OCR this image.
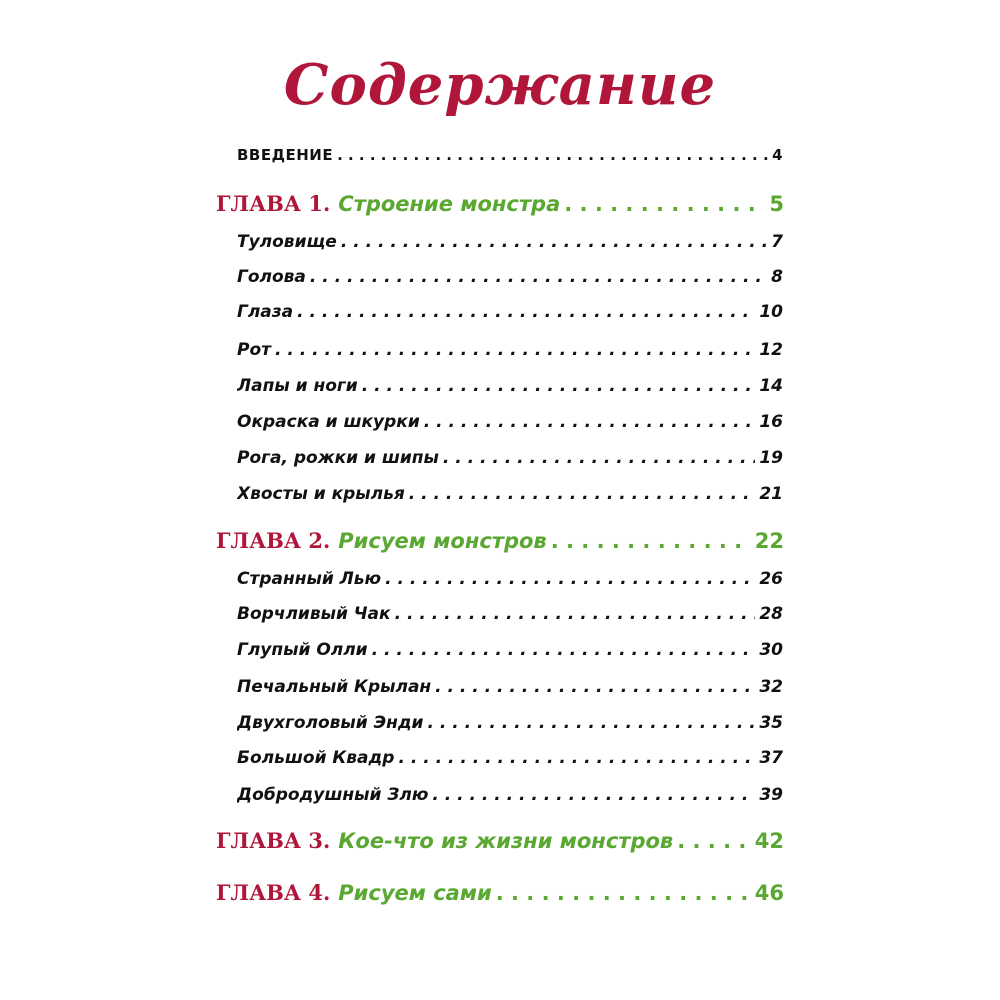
Содержание
ВВЕДЕНИЕ . . .	4
ГЛАВА 1. Строение монстра . . .	5
Туловище . . .	7
Голова . . .	8
Глаза . . .	10
Рот . . .	12
Лапы и ноги . . .	14
Окраска и шкурки . . .	16
Рога, рожки и шипы . . .	19
Хвосты и крылья . . .	21
ГЛАВА 2. Рисуем монстров . . .	22
Странный Лью . . .	26
Ворчливый Чак . . .	28
Глупый Олли . . .	30
Печальный Крылан . . .	32
Двухголовый Энди . . .	35
Большой Квадр . . .	37
Добродушный Злю . . .	39
ГЛАВА 3. Кое-что из жизни монстров . . .	42
ГЛАВА 4. Рисуем сами . . .	46
